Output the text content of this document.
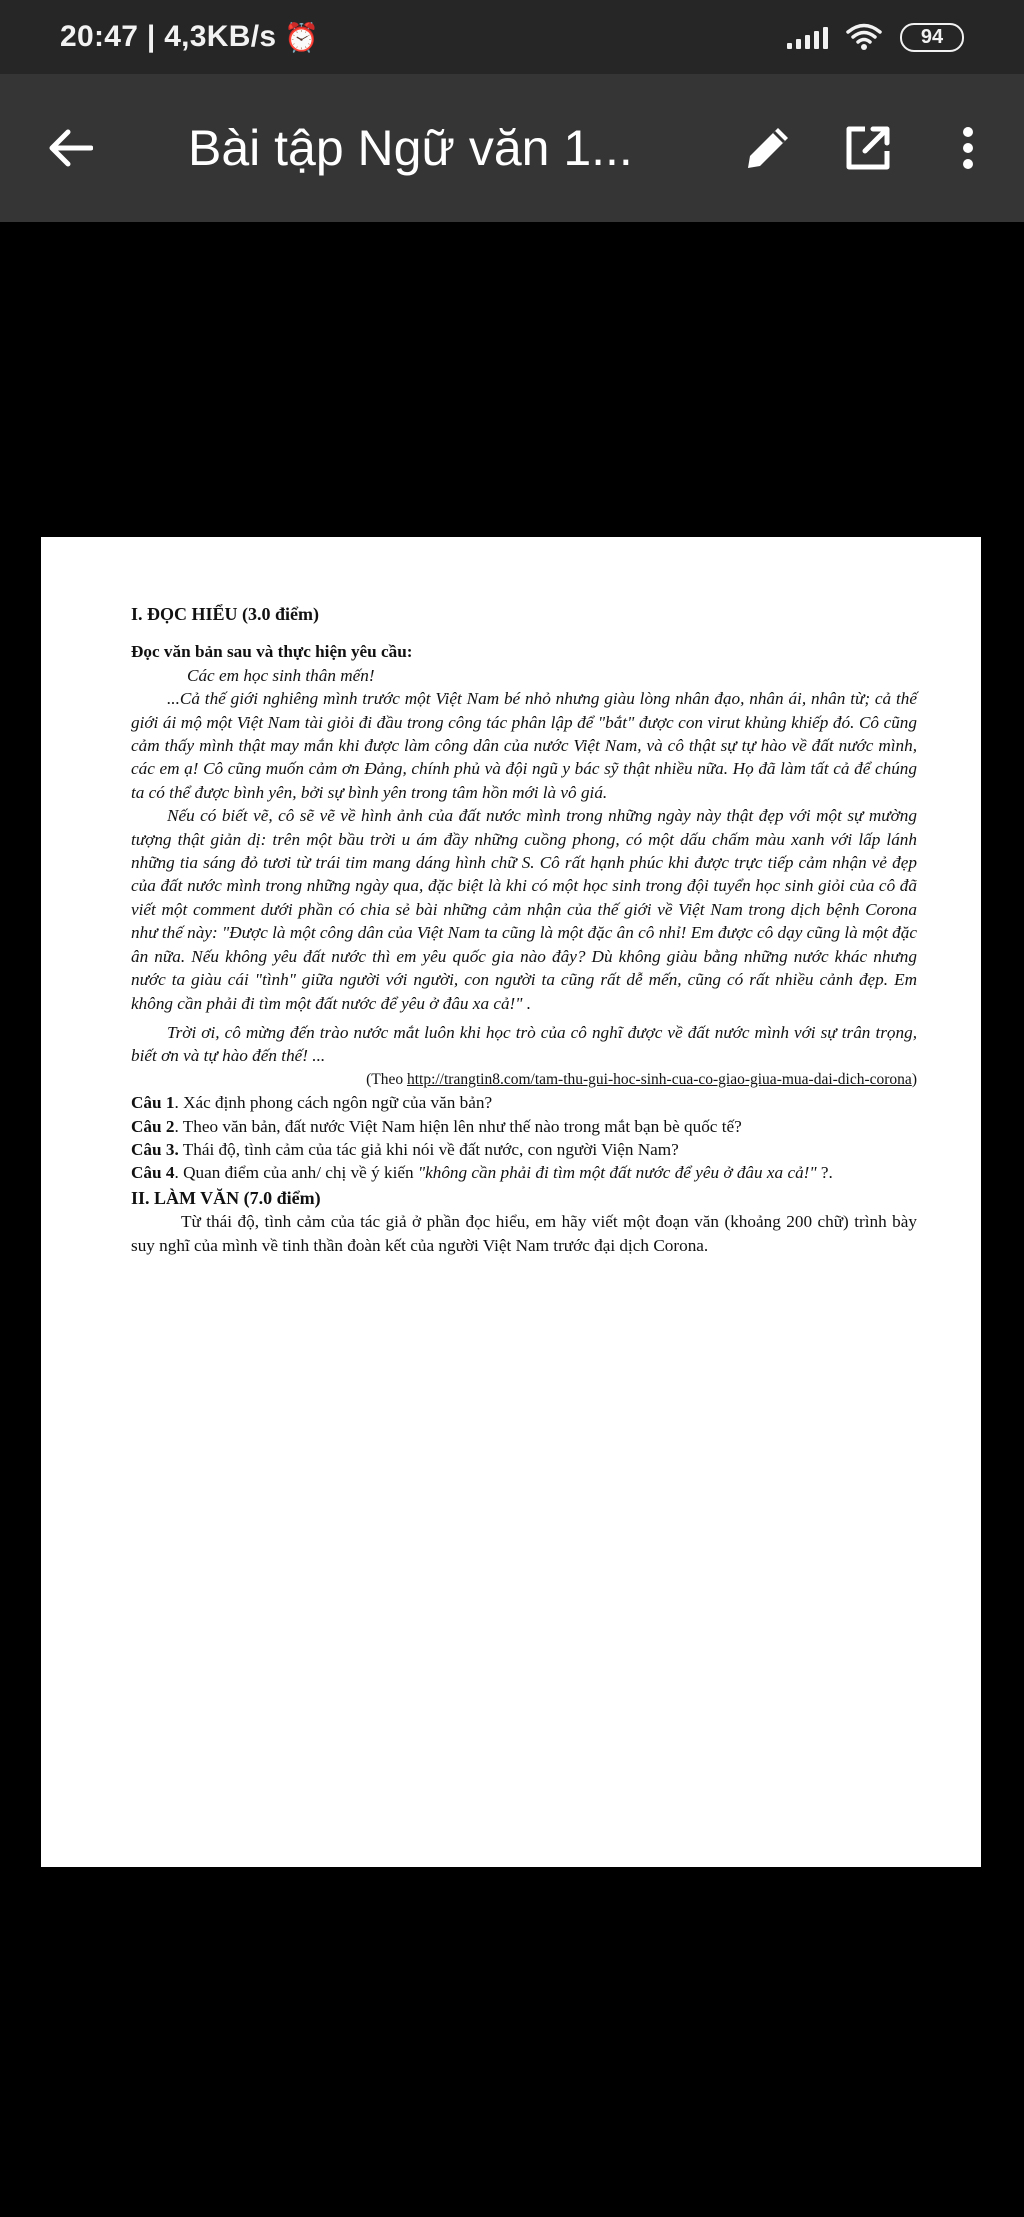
20:47 | 4,3KB/s ⏰	94
Bài tập Ngữ văn 1...

I. ĐỌC HIỂU (3.0 điểm)

Đọc văn bản sau và thực hiện yêu cầu:

Các em học sinh thân mến!

...Cả thế giới nghiêng mình trước một Việt Nam bé nhỏ nhưng giàu lòng nhân đạo, nhân ái, nhân từ; cả thế giới ái mộ một Việt Nam tài giỏi đi đầu trong công tác phân lập để "bắt" được con virut khủng khiếp đó. Cô cũng cảm thấy mình thật may mắn khi được làm công dân của nước Việt Nam, và cô thật sự tự hào về đất nước mình, các em ạ! Cô cũng muốn cảm ơn Đảng, chính phủ và đội ngũ y bác sỹ thật nhiều nữa. Họ đã làm tất cả để chúng ta có thể được bình yên, bởi sự bình yên trong tâm hồn mới là vô giá.

Nếu có biết vẽ, cô sẽ vẽ về hình ảnh của đất nước mình trong những ngày này thật đẹp với một sự mường tượng thật giản dị: trên một bầu trời u ám đầy những cuồng phong, có một dấu chấm màu xanh với lấp lánh những tia sáng đỏ tươi từ trái tim mang dáng hình chữ S. Cô rất hạnh phúc khi được trực tiếp cảm nhận vẻ đẹp của đất nước mình trong những ngày qua, đặc biệt là khi có một học sinh trong đội tuyển học sinh giỏi của cô đã viết một comment dưới phần có chia sẻ bài những cảm nhận của thế giới về Việt Nam trong dịch bệnh Corona như thế này: "Được là một công dân của Việt Nam ta cũng là một đặc ân cô nhỉ! Em được cô dạy cũng là một đặc ân nữa. Nếu không yêu đất nước thì em yêu quốc gia nào đây? Dù không giàu bằng những nước khác nhưng nước ta giàu cái "tình" giữa người với người, con người ta cũng rất dễ mến, cũng có rất nhiều cảnh đẹp. Em không cần phải đi tìm một đất nước để yêu ở đâu xa cả!" .

Trời ơi, cô mừng đến trào nước mắt luôn khi học trò của cô nghĩ được về đất nước mình với sự trân trọng, biết ơn và tự hào đến thế! ...

(Theo http://trangtin8.com/tam-thu-gui-hoc-sinh-cua-co-giao-giua-mua-dai-dich-corona)

Câu 1. Xác định phong cách ngôn ngữ của văn bản?

Câu 2. Theo văn bản, đất nước Việt Nam hiện lên như thế nào trong mắt bạn bè quốc tế?

Câu 3. Thái độ, tình cảm của tác giả khi nói về đất nước, con người Viện Nam?

Câu 4. Quan điểm của anh/ chị về ý kiến "không cần phải đi tìm một đất nước để yêu ở đâu xa cả!" ?.

II. LÀM VĂN (7.0 điểm)

Từ thái độ, tình cảm của tác giả ở phần đọc hiểu, em hãy viết một đoạn văn (khoảng 200 chữ) trình bày suy nghĩ của mình về tinh thần đoàn kết của người Việt Nam trước đại dịch Corona.
